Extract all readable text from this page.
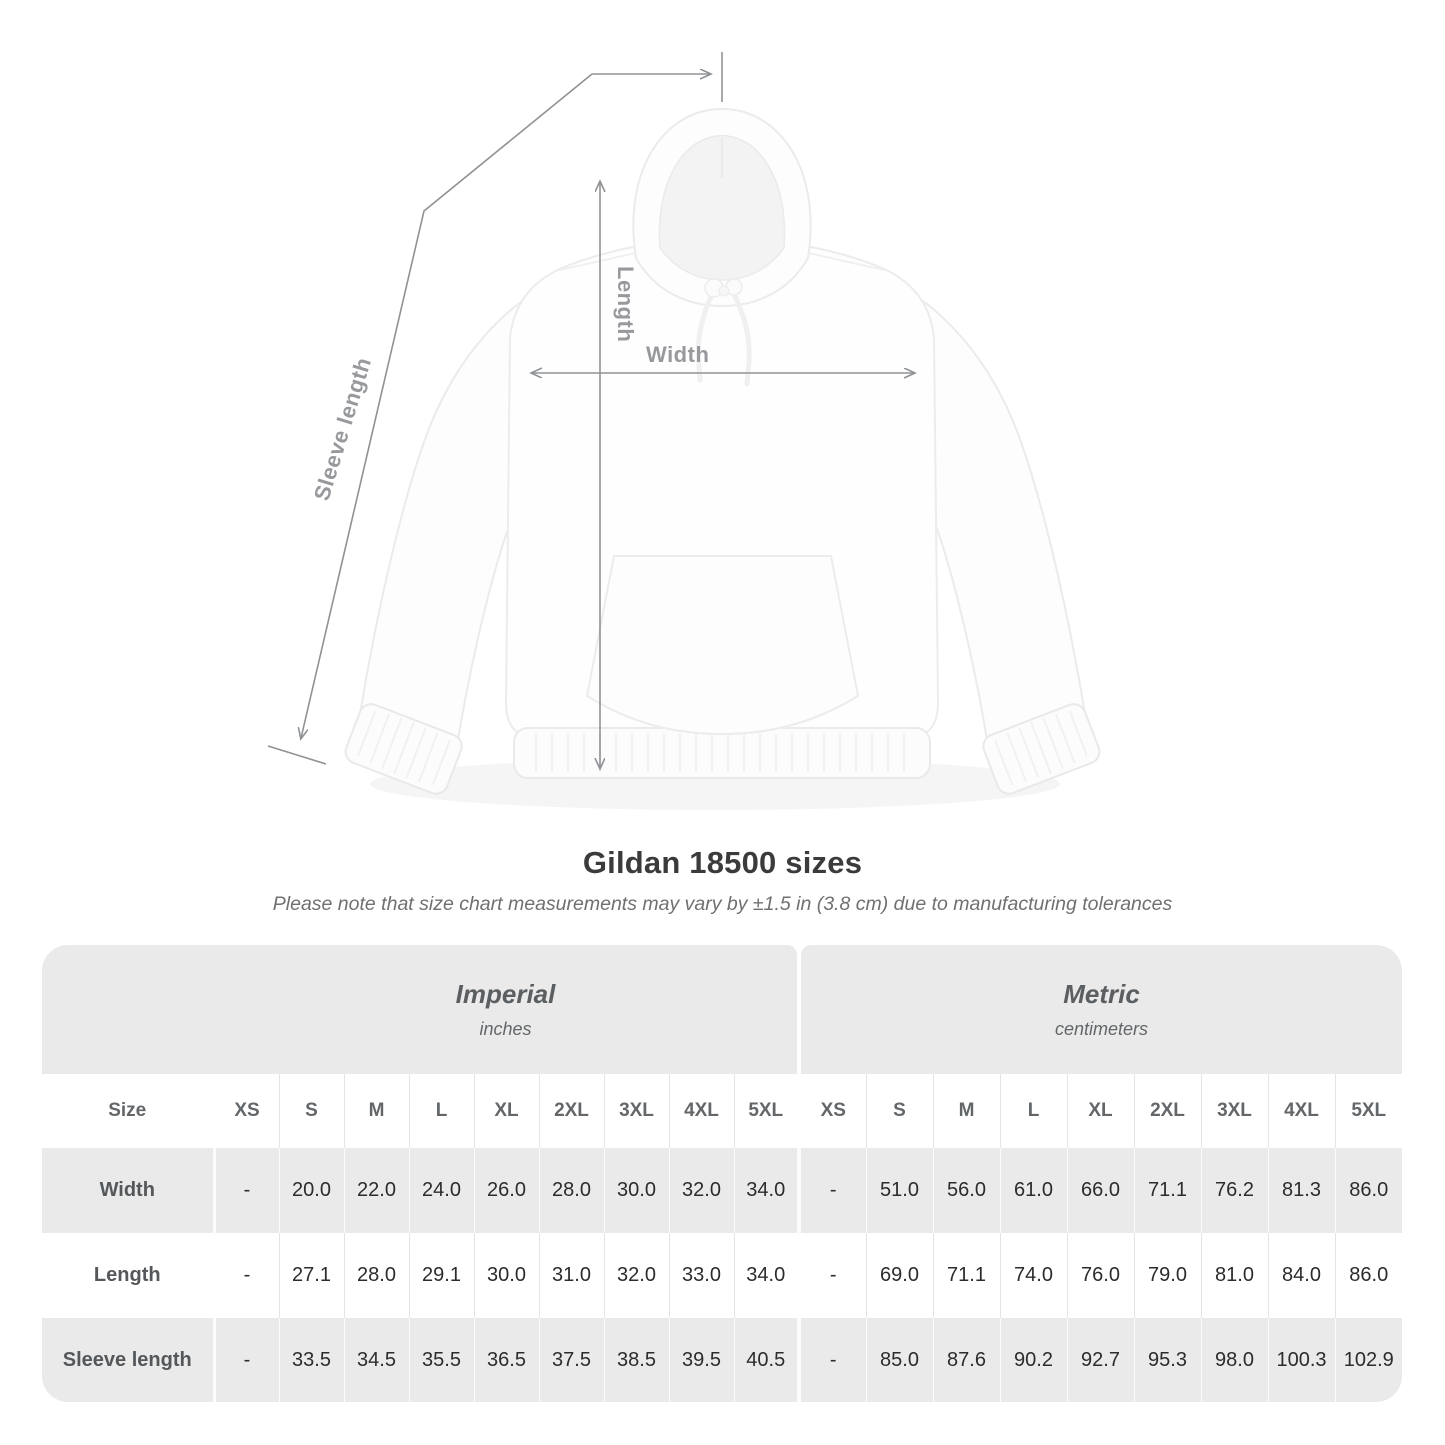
Sleeve length
Length
Width
Gildan 18500 sizes
Please note that size chart measurements may vary by ±1.5 in (3.8 cm) due to manufacturing tolerances
Imperial
inches
Metric
centimeters
Size	XS	S	M	L	XL	2XL	3XL	4XL	5XL	XS	S	M	L	XL	2XL	3XL	4XL	5XL
Width	-	20.0	22.0	24.0	26.0	28.0	30.0	32.0	34.0	-	51.0	56.0	61.0	66.0	71.1	76.2	81.3	86.0
Length	-	27.1	28.0	29.1	30.0	31.0	32.0	33.0	34.0	-	69.0	71.1	74.0	76.0	79.0	81.0	84.0	86.0
Sleeve length	-	33.5	34.5	35.5	36.5	37.5	38.5	39.5	40.5	-	85.0	87.6	90.2	92.7	95.3	98.0	100.3	102.9
